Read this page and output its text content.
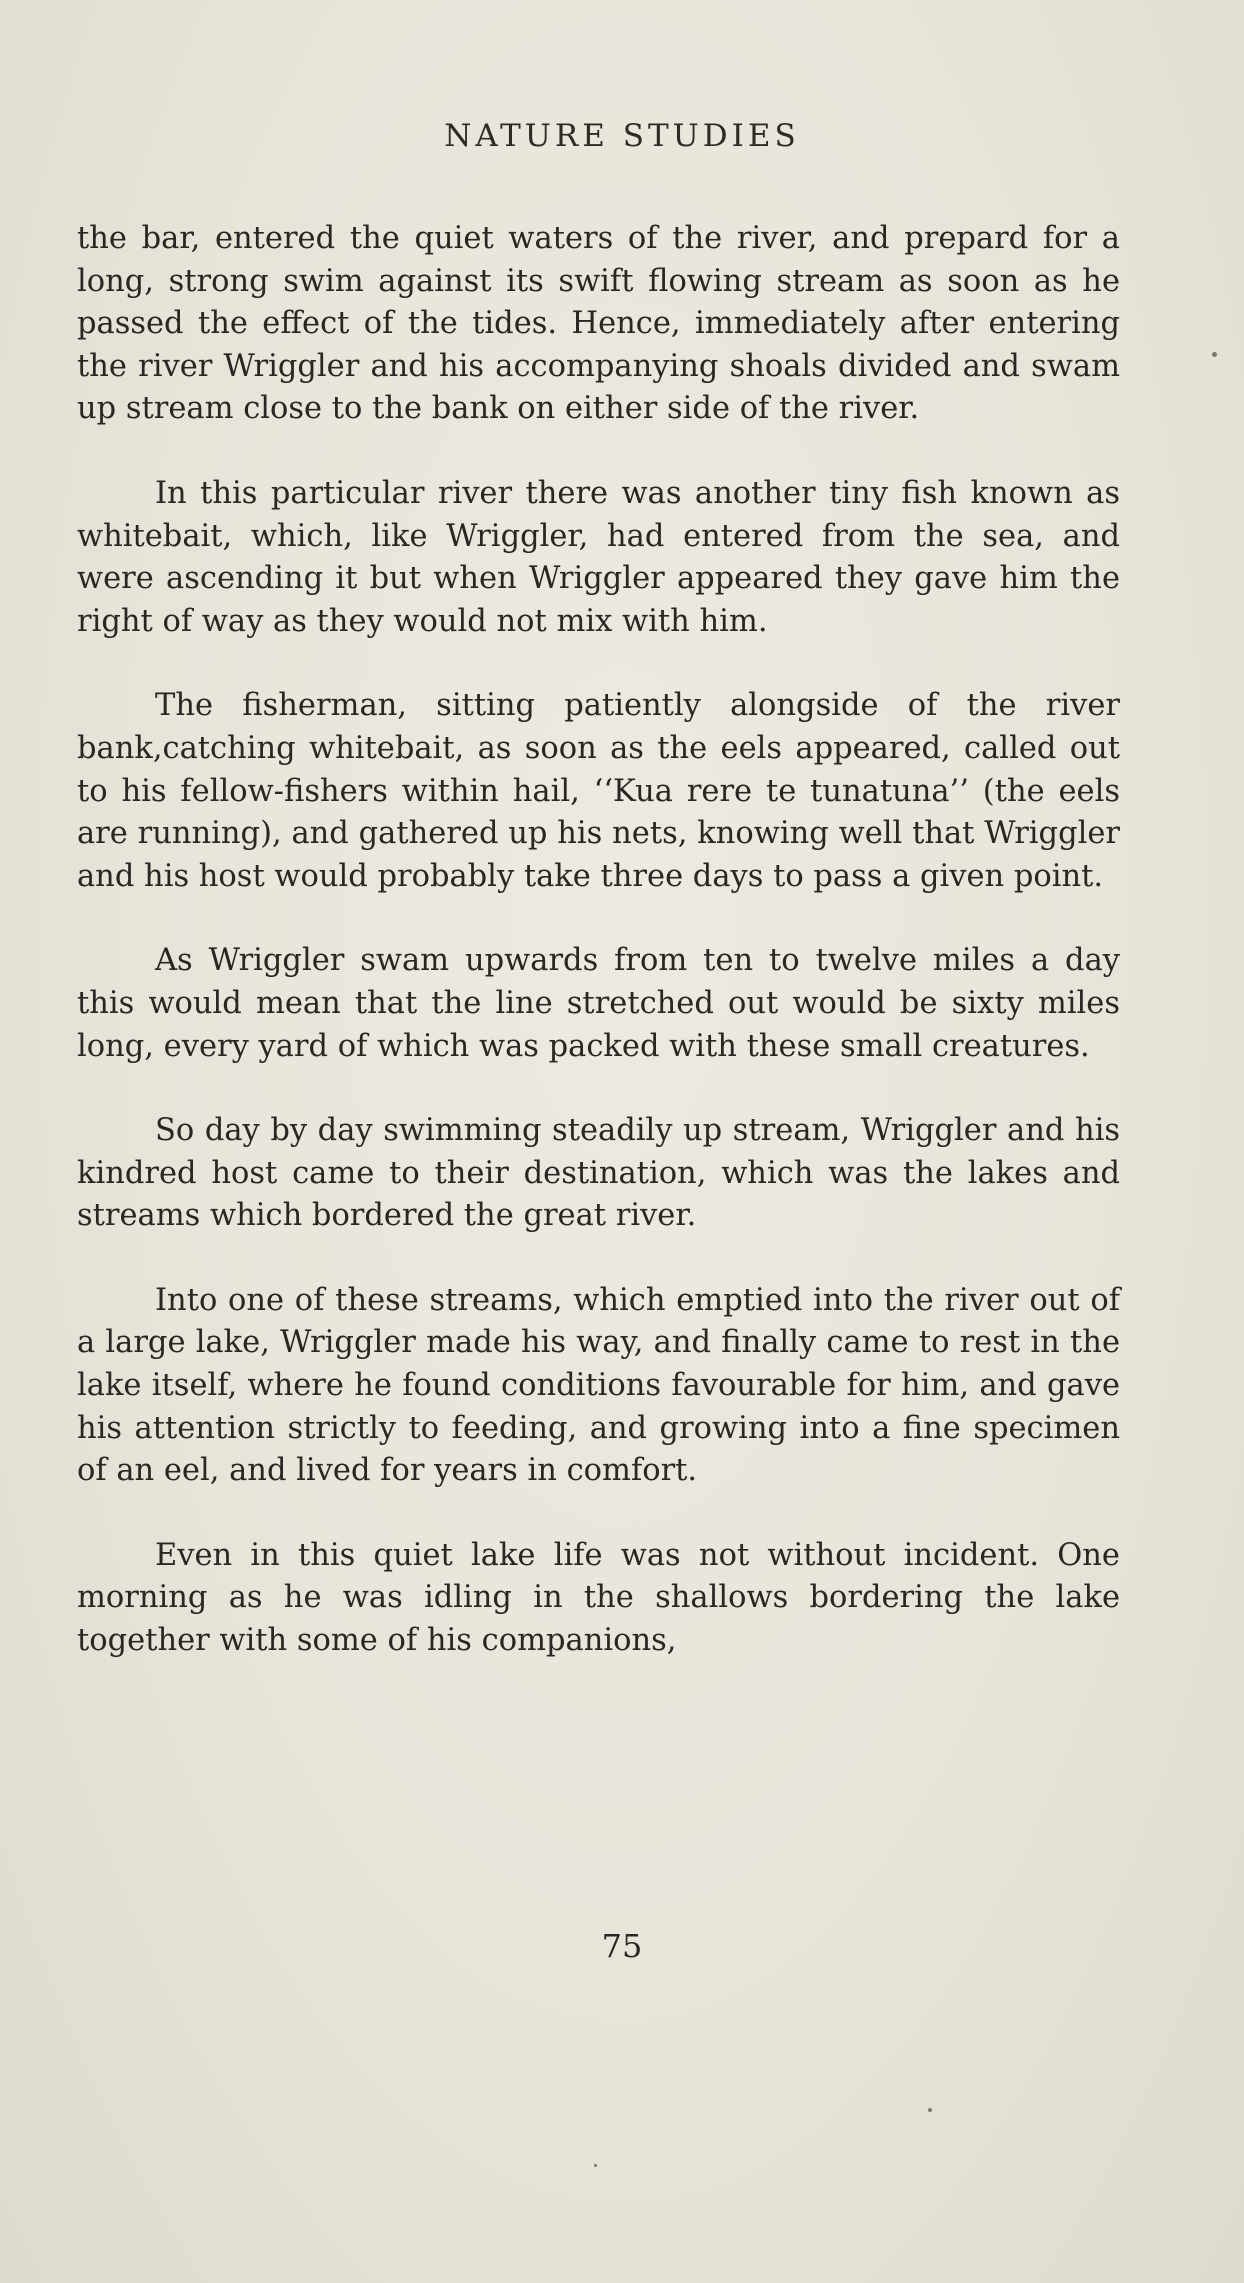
NATURE STUDIES

the bar, entered the quiet waters of the river, and prepard for a long, strong swim against its swift flowing stream as soon as he passed the effect of the tides. Hence, immediately after entering the river Wriggler and his accompanying shoals divided and swam up stream close to the bank on either side of the river.

In this particular river there was another tiny fish known as whitebait, which, like Wriggler, had entered from the sea, and were ascending it but when Wriggler appeared they gave him the right of way as they would not mix with him.

The fisherman, sitting patiently alongside of the river bank,catching whitebait, as soon as the eels appeared, called out to his fellow-fishers within hail, ‘‘Kua rere te tunatuna’’ (the eels are running), and gathered up his nets, knowing well that Wriggler and his host would probably take three days to pass a given point.

As Wriggler swam upwards from ten to twelve miles a day this would mean that the line stretched out would be sixty miles long, every yard of which was packed with these small creatures.

So day by day swimming steadily up stream, Wriggler and his kindred host came to their destination, which was the lakes and streams which bordered the great river.

Into one of these streams, which emptied into the river out of a large lake, Wriggler made his way, and finally came to rest in the lake itself, where he found conditions favourable for him, and gave his attention strictly to feeding, and growing into a fine specimen of an eel, and lived for years in comfort.

Even in this quiet lake life was not without incident. One morning as he was idling in the shallows bordering the lake together with some of his companions,

75
